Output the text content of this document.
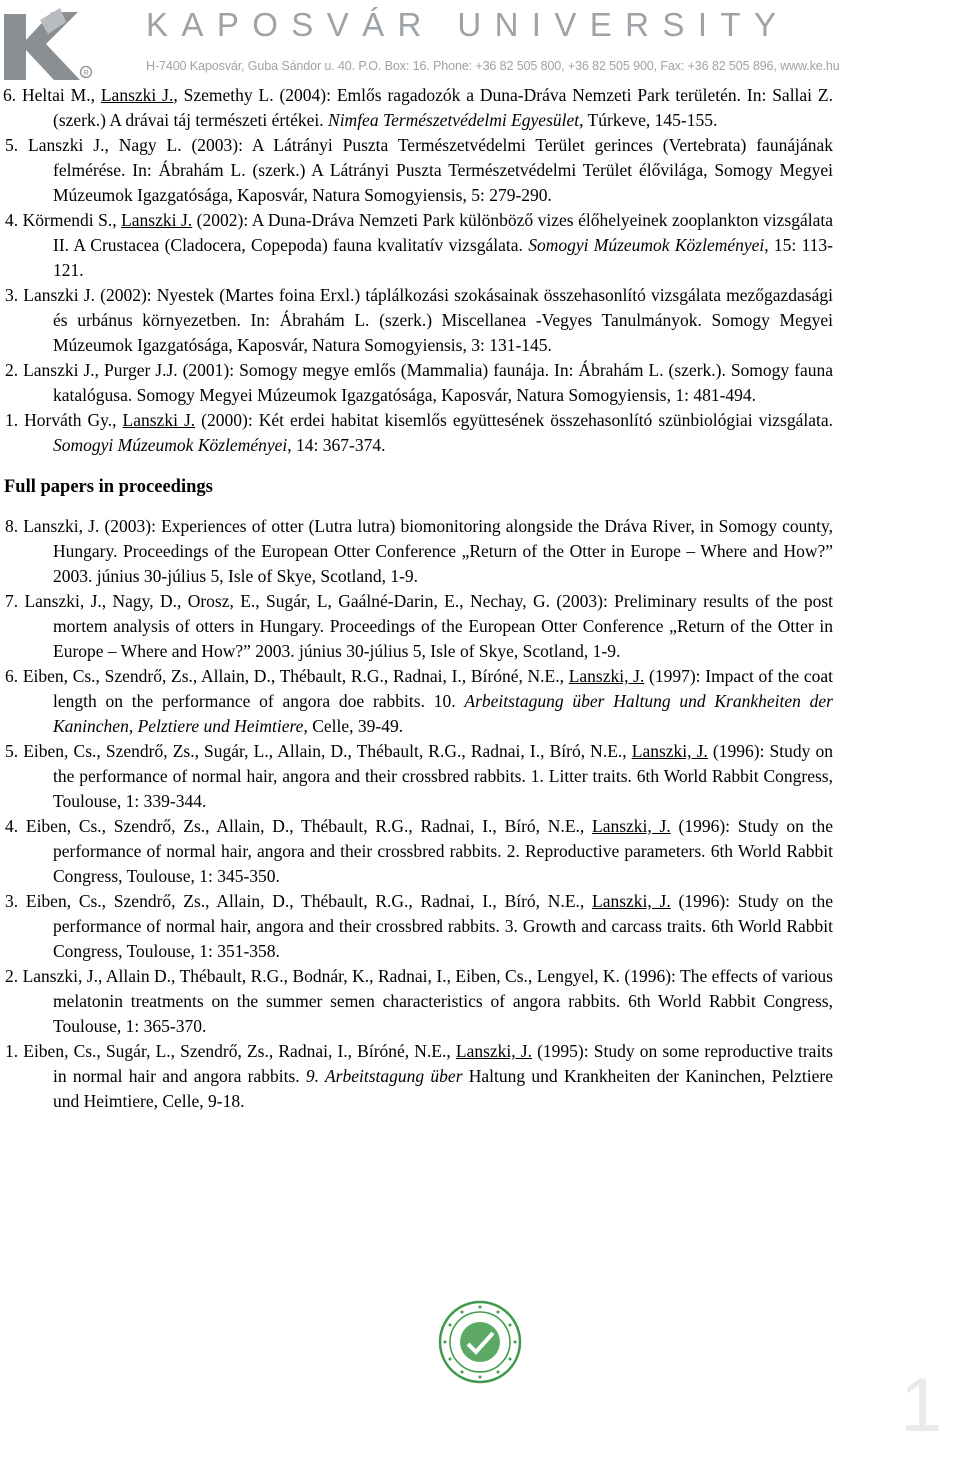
R
KAPOSVÁR UNIVERSITY
H-7400 Kaposvár, Guba Sándor u. 40. P.O. Box: 16. Phone: +36 82 505 800, +36 82 505 900, Fax: +36 82 505 896, www.ke.hu

6. Heltai M., Lanszki J., Szemethy L. (2004): Emlős ragadozók a Duna-Dráva Nemzeti Park területén. In: Sallai Z. (szerk.) A drávai táj természeti értékei. Nimfea Természetvédelmi Egyesület, Túrkeve, 145-155.

5. Lanszki J., Nagy L. (2003): A Látrányi Puszta Természetvédelmi Terület gerinces (Vertebrata) faunájának felmérése. In: Ábrahám L. (szerk.) A Látrányi Puszta Természetvédelmi Terület élővilága, Somogy Megyei Múzeumok Igazgatósága, Kaposvár, Natura Somogyiensis, 5: 279-290.

4. Körmendi S., Lanszki J. (2002): A Duna-Dráva Nemzeti Park különböző vizes élőhelyeinek zooplankton vizsgálata II. A Crustacea (Cladocera, Copepoda) fauna kvalitatív vizsgálata. Somogyi Múzeumok Közleményei, 15: 113-121.

3. Lanszki J. (2002): Nyestek (Martes foina Erxl.) táplálkozási szokásainak összehasonlító vizsgálata mezőgazdasági és urbánus környezetben. In: Ábrahám L. (szerk.) Miscellanea -Vegyes Tanulmányok. Somogy Megyei Múzeumok Igazgatósága, Kaposvár, Natura Somogyiensis, 3: 131-145.

2. Lanszki J., Purger J.J. (2001): Somogy megye emlős (Mammalia) faunája. In: Ábrahám L. (szerk.). Somogy fauna katalógusa. Somogy Megyei Múzeumok Igazgatósága, Kaposvár, Natura Somogyiensis, 1: 481-494.

1. Horváth Gy., Lanszki J. (2000): Két erdei habitat kisemlős együttesének összehasonlító szünbiológiai vizsgálata. Somogyi Múzeumok Közleményei, 14: 367-374.

Full papers in proceedings

8. Lanszki, J. (2003): Experiences of otter (Lutra lutra) biomonitoring alongside the Dráva River, in Somogy county, Hungary. Proceedings of the European Otter Conference „Return of the Otter in Europe – Where and How?” 2003. június 30-július 5, Isle of Skye, Scotland, 1-9.

7. Lanszki, J., Nagy, D., Orosz, E., Sugár, L, Gaálné-Darin, E., Nechay, G. (2003): Preliminary results of the post mortem analysis of otters in Hungary. Proceedings of the European Otter Conference „Return of the Otter in Europe – Where and How?” 2003. június 30-július 5, Isle of Skye, Scotland, 1-9.

6. Eiben, Cs., Szendrő, Zs., Allain, D., Thébault, R.G., Radnai, I., Bíróné, N.E., Lanszki, J. (1997): Impact of the coat length on the performance of angora doe rabbits. 10. Arbeitstagung über Haltung und Krankheiten der Kaninchen, Pelztiere und Heimtiere, Celle, 39-49.

5. Eiben, Cs., Szendrő, Zs., Sugár, L., Allain, D., Thébault, R.G., Radnai, I., Bíró, N.E., Lanszki, J. (1996): Study on the performance of normal hair, angora and their crossbred rabbits. 1. Litter traits. 6th World Rabbit Congress, Toulouse, 1: 339-344.

4. Eiben, Cs., Szendrő, Zs., Allain, D., Thébault, R.G., Radnai, I., Bíró, N.E., Lanszki, J. (1996): Study on the performance of normal hair, angora and their crossbred rabbits. 2. Reproductive parameters. 6th World Rabbit Congress, Toulouse, 1: 345-350.

3. Eiben, Cs., Szendrő, Zs., Allain, D., Thébault, R.G., Radnai, I., Bíró, N.E., Lanszki, J. (1996): Study on the performance of normal hair, angora and their crossbred rabbits. 3. Growth and carcass traits. 6th World Rabbit Congress, Toulouse, 1: 351-358.

2. Lanszki, J., Allain D., Thébault, R.G., Bodnár, K., Radnai, I., Eiben, Cs., Lengyel, K. (1996): The effects of various melatonin treatments on the summer semen characteristics of angora rabbits. 6th World Rabbit Congress, Toulouse, 1: 365-370.

1. Eiben, Cs., Sugár, L., Szendrő, Zs., Radnai, I., Bíróné, N.E., Lanszki, J. (1995): Study on some reproductive traits in normal hair and angora rabbits. 9. Arbeitstagung über Haltung und Krankheiten der Kaninchen, Pelztiere und Heimtiere, Celle, 9-18.

1
